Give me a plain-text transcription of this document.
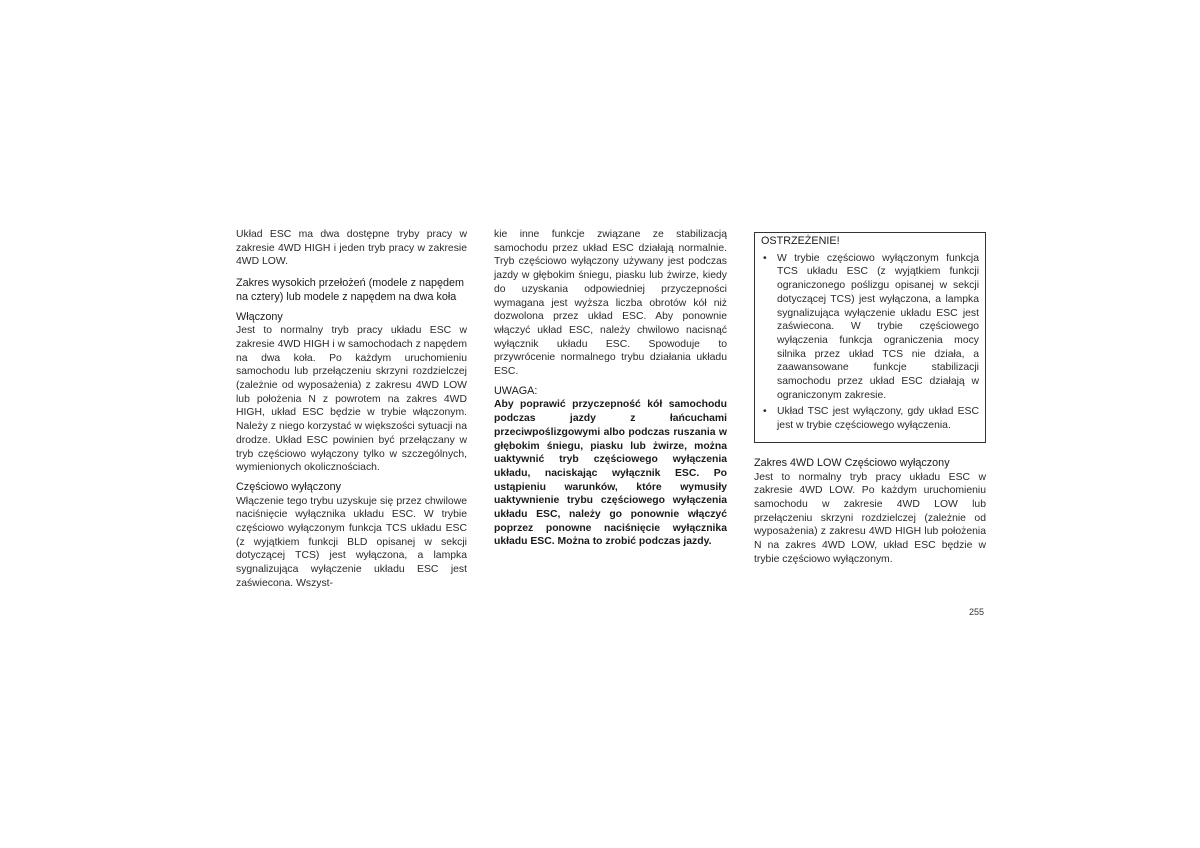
Układ ESC ma dwa dostępne tryby pracy w zakresie 4WD HIGH i jeden tryb pracy w zakresie 4WD LOW.

Zakres wysokich przełożeń (modele z napędem na cztery) lub modele z napędem na dwa koła

Włączony

Jest to normalny tryb pracy układu ESC w zakresie 4WD HIGH i w samochodach z napędem na dwa koła. Po każdym uruchomieniu samochodu lub przełączeniu skrzyni rozdzielczej (zależnie od wyposażenia) z zakresu 4WD LOW lub położenia N z powrotem na zakres 4WD HIGH, układ ESC będzie w trybie włączonym. Należy z niego korzystać w większości sytuacji na drodze. Układ ESC powinien być przełączany w tryb częściowo wyłączony tylko w szczególnych, wymienionych okolicznościach.

Częściowo wyłączony

Włączenie tego trybu uzyskuje się przez chwilowe naciśnięcie wyłącznika układu ESC. W trybie częściowo wyłączonym funkcja TCS układu ESC (z wyjątkiem funkcji BLD opisanej w sekcji dotyczącej TCS) jest wyłączona, a lampka sygnalizująca wyłączenie układu ESC jest zaświecona. Wszyst-

kie inne funkcje związane ze stabilizacją samochodu przez układ ESC działają normalnie. Tryb częściowo wyłączony używany jest podczas jazdy w głębokim śniegu, piasku lub żwirze, kiedy do uzyskania odpowiedniej przyczepności wymagana jest wyższa liczba obrotów kół niż dozwolona przez układ ESC. Aby ponownie włączyć układ ESC, należy chwilowo nacisnąć wyłącznik układu ESC. Spowoduje to przywrócenie normalnego trybu działania układu ESC.

UWAGA:

Aby poprawić przyczepność kół samochodu podczas jazdy z łańcuchami przeciwpoślizgowymi albo podczas ruszania w głębokim śniegu, piasku lub żwirze, można uaktywnić tryb częściowego wyłączenia układu, naciskając wyłącznik ESC. Po ustąpieniu warunków, które wymusiły uaktywnienie trybu częściowego wyłączenia układu ESC, należy go ponownie włączyć poprzez ponowne naciśnięcie wyłącznika układu ESC. Można to zrobić podczas jazdy.

OSTRZEŻENIE!
• W trybie częściowo wyłączonym funkcja TCS układu ESC (z wyjątkiem funkcji ograniczonego poślizgu opisanej w sekcji dotyczącej TCS) jest wyłączona, a lampka sygnalizująca wyłączenie układu ESC jest zaświecona. W trybie częściowego wyłączenia funkcja ograniczenia mocy silnika przez układ TCS nie działa, a zaawansowane funkcje stabilizacji samochodu przez układ ESC działają w ograniczonym zakresie.
• Układ TSC jest wyłączony, gdy układ ESC jest w trybie częściowego wyłączenia.

Zakres 4WD LOW Częściowo wyłączony

Jest to normalny tryb pracy układu ESC w zakresie 4WD LOW. Po każdym uruchomieniu samochodu w zakresie 4WD LOW lub przełączeniu skrzyni rozdzielczej (zależnie od wyposażenia) z zakresu 4WD HIGH lub położenia N na zakres 4WD LOW, układ ESC będzie w trybie częściowo wyłączonym.

255
